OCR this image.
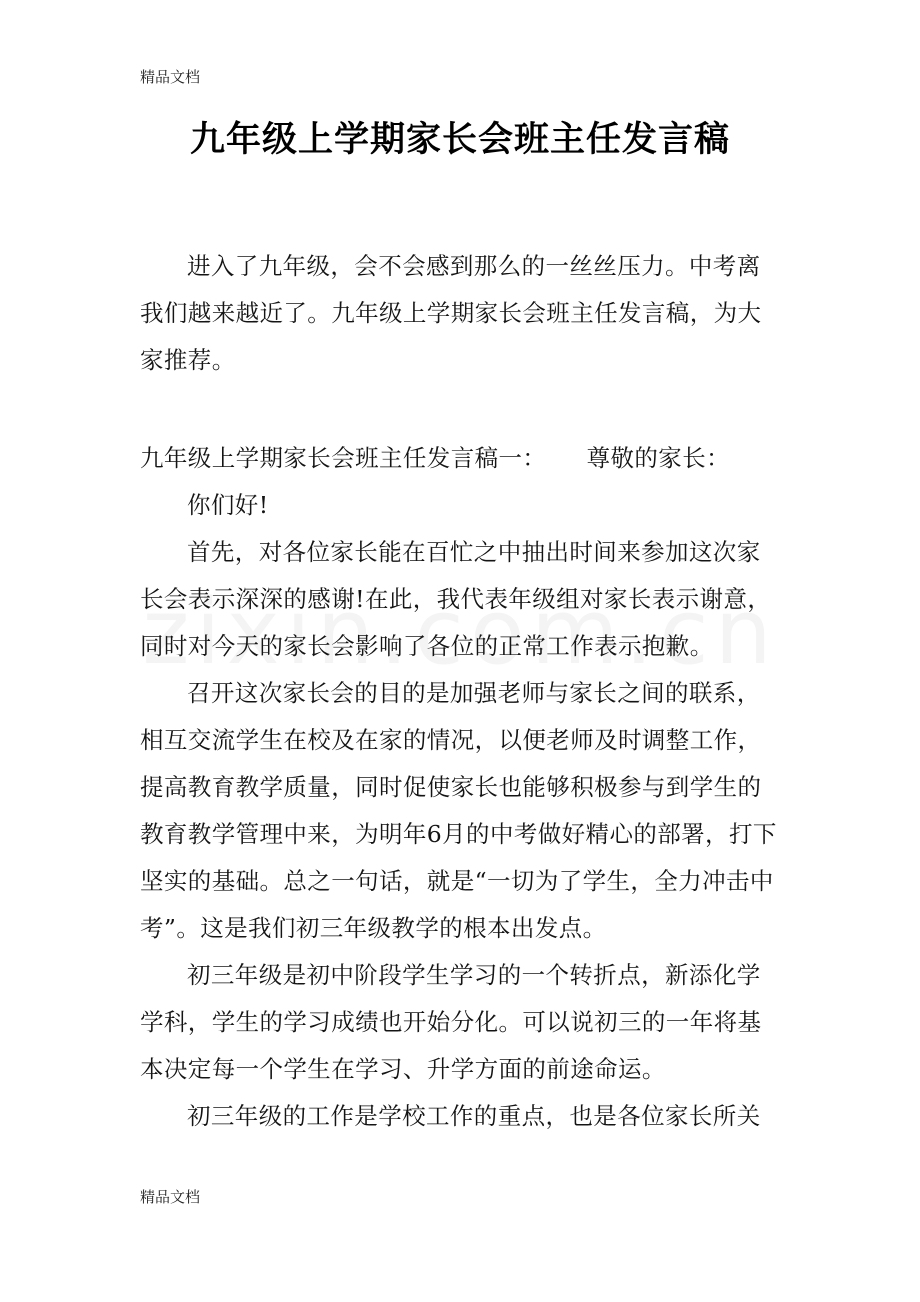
精品文档
九年级上学期家长会班主任发言稿

进入了九年级，会不会感到那么的一丝丝压力。中考离我们越来越近了。九年级上学期家长会班主任发言稿，为大家推荐。

九年级上学期家长会班主任发言稿一： 尊敬的家长：

你们好!

首先，对各位家长能在百忙之中抽出时间来参加这次家长会表示深深的感谢!在此，我代表年级组对家长表示谢意，同时对今天的家长会影响了各位的正常工作表示抱歉。

召开这次家长会的目的是加强老师与家长之间的联系，相互交流学生在校及在家的情况，以便老师及时调整工作，提高教育教学质量，同时促使家长也能够积极参与到学生的教育教学管理中来，为明年6月的中考做好精心的部署，打下坚实的基础。总之一句话，就是“一切为了学生，全力冲击中考”。这是我们初三年级教学的根本出发点。

初三年级是初中阶段学生学习的一个转折点，新添化学学科，学生的学习成绩也开始分化。可以说初三的一年将基本决定每一个学生在学习、升学方面的前途命运。

初三年级的工作是学校工作的重点，也是各位家长所关

精品文档
